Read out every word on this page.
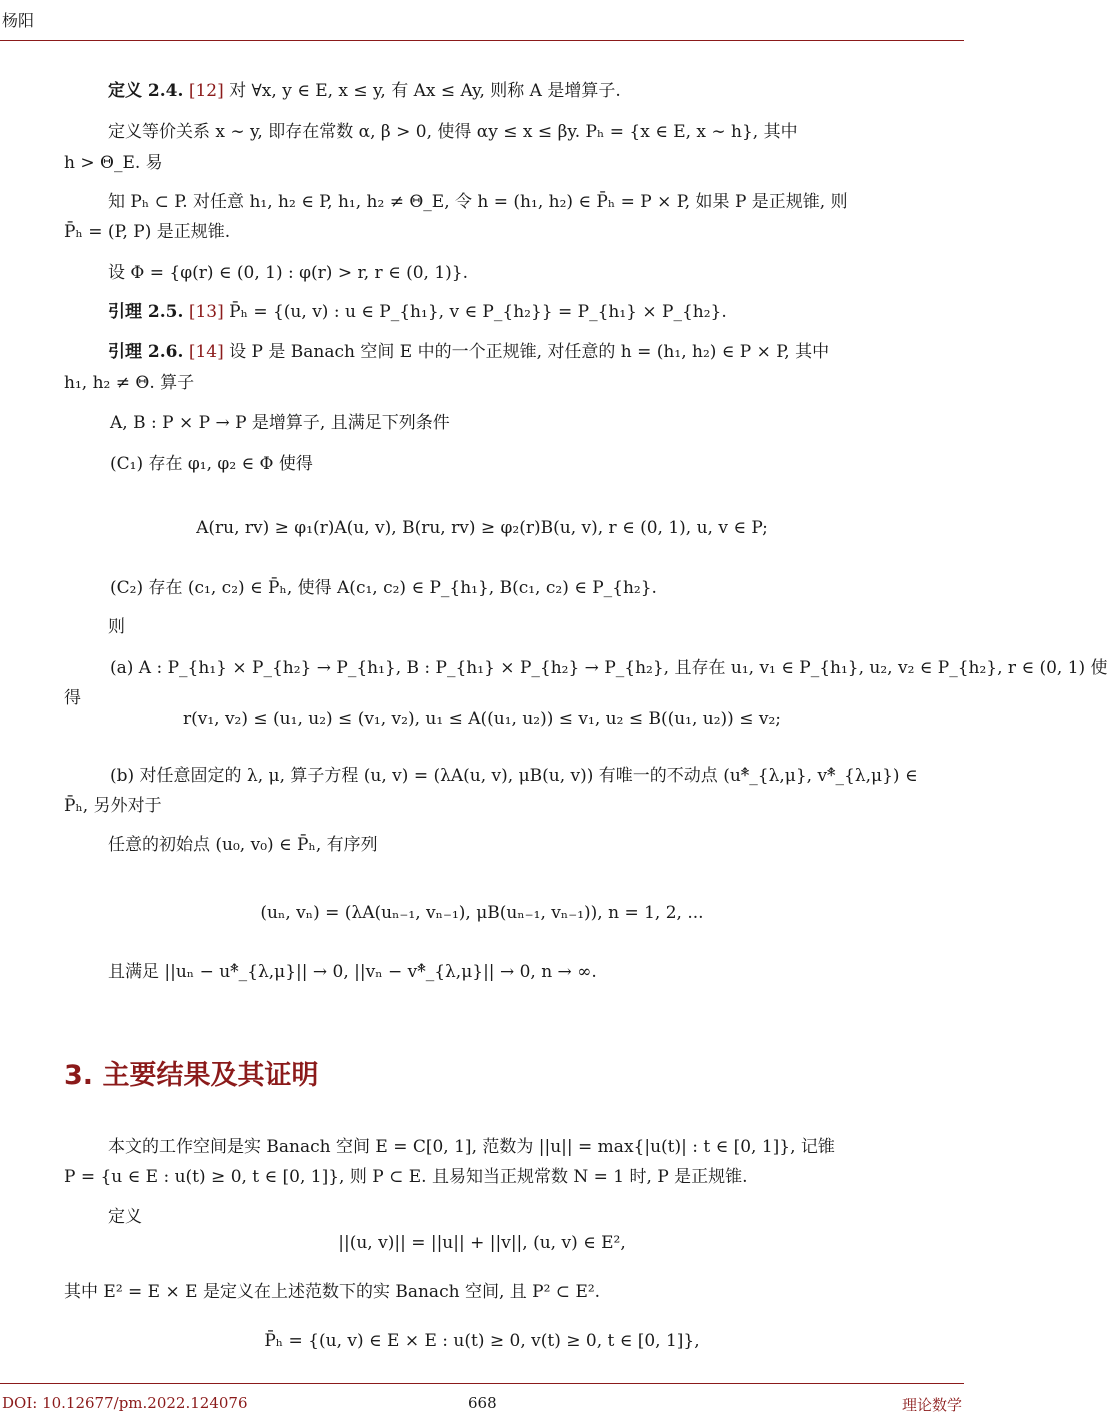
杨阳
定义 2.4. [12] 对 ∀x, y ∈ E, x ≤ y, 有 Ax ≤ Ay, 则称 A 是增算子.
定义等价关系 x ∼ y, 即存在常数 α, β > 0, 使得 αy ≤ x ≤ βy. Pₕ = {x ∈ E, x ∼ h}, 其中
h > Θ_E. 易
知 Pₕ ⊂ P. 对任意 h₁, h₂ ∈ P, h₁, h₂ ≠ Θ_E, 令 h = (h₁, h₂) ∈ P̄ₕ = P × P, 如果 P 是正规锥, 则
P̄ₕ = (P, P) 是正规锥.
设 Φ = {φ(r) ∈ (0, 1) : φ(r) > r, r ∈ (0, 1)}.
引理 2.5. [13] P̄ₕ = {(u, v) : u ∈ P_{h₁}, v ∈ P_{h₂}} = P_{h₁} × P_{h₂}.
引理 2.6. [14] 设 P 是 Banach 空间 E 中的一个正规锥, 对任意的 h = (h₁, h₂) ∈ P × P, 其中
h₁, h₂ ≠ Θ. 算子
A, B : P × P → P 是增算子, 且满足下列条件
(C₁) 存在 φ₁, φ₂ ∈ Φ 使得
A(ru, rv) ≥ φ₁(r)A(u, v), B(ru, rv) ≥ φ₂(r)B(u, v), r ∈ (0, 1), u, v ∈ P;
(C₂) 存在 (c₁, c₂) ∈ P̄ₕ, 使得 A(c₁, c₂) ∈ P_{h₁}, B(c₁, c₂) ∈ P_{h₂}.
则
(a) A : P_{h₁} × P_{h₂} → P_{h₁}, B : P_{h₁} × P_{h₂} → P_{h₂}, 且存在 u₁, v₁ ∈ P_{h₁}, u₂, v₂ ∈ P_{h₂}, r ∈ (0, 1) 使
得
r(v₁, v₂) ≤ (u₁, u₂) ≤ (v₁, v₂), u₁ ≤ A((u₁, u₂)) ≤ v₁, u₂ ≤ B((u₁, u₂)) ≤ v₂;
(b) 对任意固定的 λ, μ, 算子方程 (u, v) = (λA(u, v), μB(u, v)) 有唯一的不动点 (u*̂_{λ,μ}, v*̂_{λ,μ}) ∈
P̄ₕ, 另外对于
任意的初始点 (u₀, v₀) ∈ P̄ₕ, 有序列
(uₙ, vₙ) = (λA(uₙ₋₁, vₙ₋₁), μB(uₙ₋₁, vₙ₋₁)), n = 1, 2, ...
且满足 ||uₙ − u*̂_{λ,μ}|| → 0, ||vₙ − v*̂_{λ,μ}|| → 0, n → ∞.
3. 主要结果及其证明
本文的工作空间是实 Banach 空间 E = C[0, 1], 范数为 ||u|| = max{|u(t)| : t ∈ [0, 1]}, 记锥
P = {u ∈ E : u(t) ≥ 0, t ∈ [0, 1]}, 则 P ⊂ E. 且易知当正规常数 N = 1 时, P 是正规锥.
定义
||(u, v)|| = ||u|| + ||v||, (u, v) ∈ E²,
其中 E² = E × E 是定义在上述范数下的实 Banach 空间, 且 P² ⊂ E².
P̄ₕ = {(u, v) ∈ E × E : u(t) ≥ 0, v(t) ≥ 0, t ∈ [0, 1]},
DOI: 10.12677/pm.2022.124076	668	理论数学
